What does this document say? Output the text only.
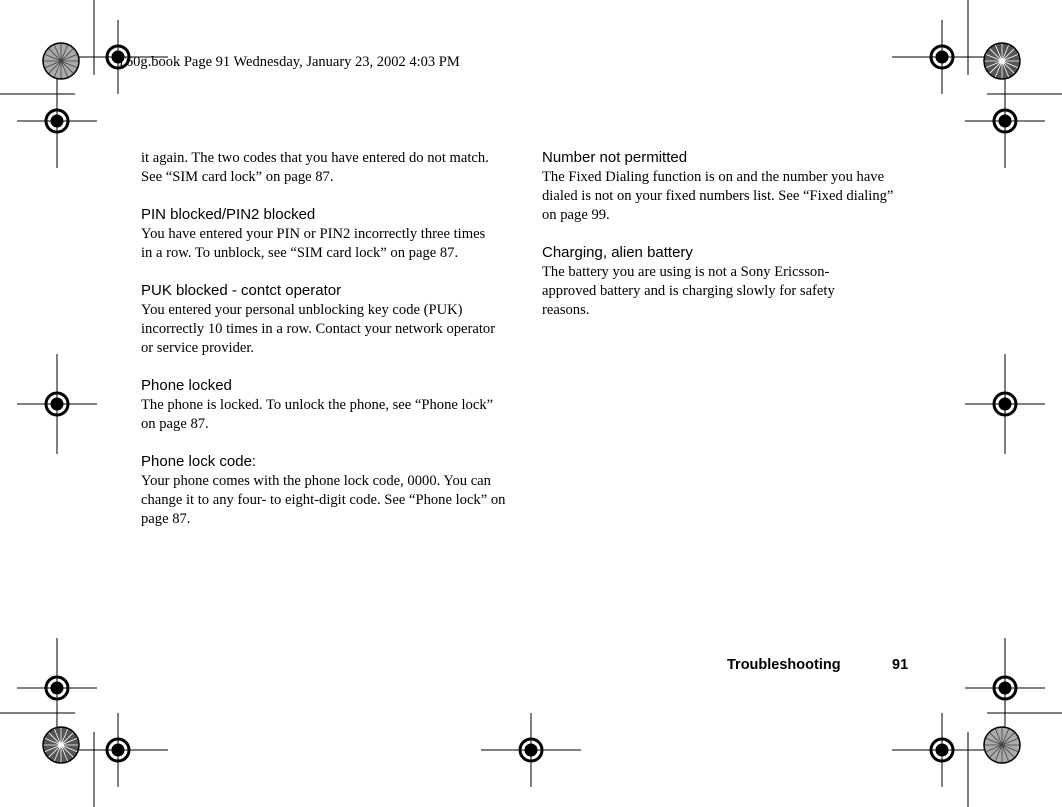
T60g.book Page 91 Wednesday, January 23, 2002 4:03 PM

it again. The two codes that you have entered do not match. See “SIM card lock” on page 87.

PIN blocked/PIN2 blocked

You have entered your PIN or PIN2 incorrectly three times in a row. To unblock, see “SIM card lock” on page 87.

PUK blocked - contct operator

You entered your personal unblocking key code (PUK) incorrectly 10 times in a row. Contact your network operator or service provider.

Phone locked

The phone is locked. To unlock the phone, see “Phone lock” on page 87.

Phone lock code:

Your phone comes with the phone lock code, 0000. You can change it to any four- to eight-digit code. See “Phone lock” on page 87.

Number not permitted

The Fixed Dialing function is on and the number you have dialed is not on your fixed numbers list. See “Fixed dialing” on page 99.

Charging, alien battery

The battery you are using is not a Sony Ericsson-approved battery and is charging slowly for safety reasons.

Troubleshooting	91
